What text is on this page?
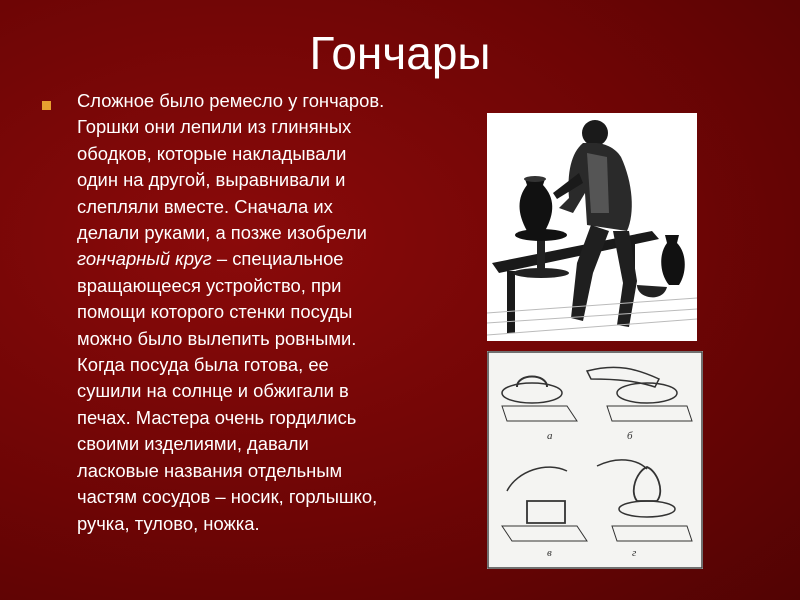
Гончары
Сложное было ремесло у гончаров.
Горшки они лепили из глиняных
ободков, которые накладывали
один на другой, выравнивали и
слепляли вместе. Сначала их
делали руками, а позже изобрели
гончарный круг – специальное
вращающееся устройство, при
помощи которого стенки посуды
можно было вылепить ровными.
Когда посуда была готова, ее
сушили на солнце и обжигали в
печах. Мастера очень гордились
своими изделиями, давали
ласковые названия отдельным
частям сосудов – носик, горлышко,
ручка, тулово, ножка.
а	б
в	г
